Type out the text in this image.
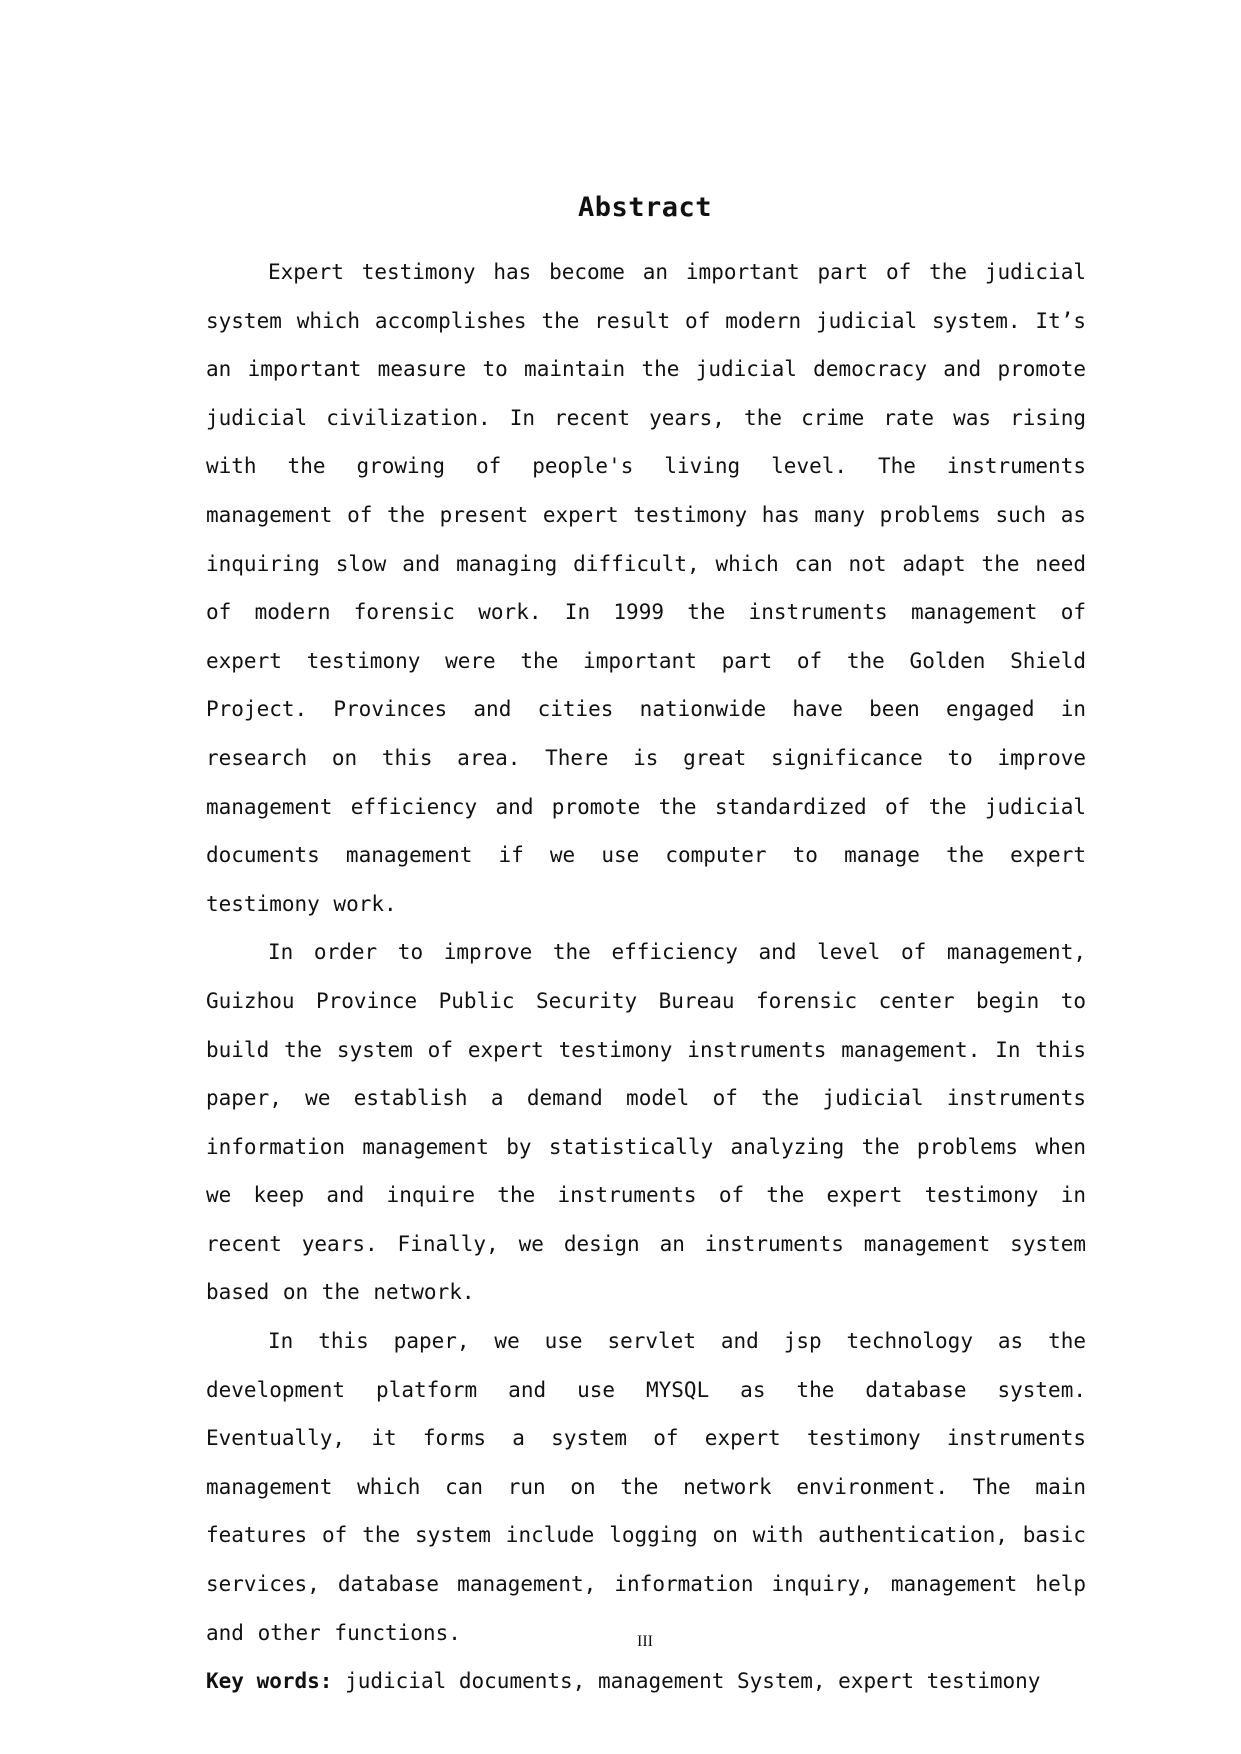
Abstract

Expert testimony has become an important part of the judicial system which accomplishes the result of modern judicial system. It’s an important measure to maintain the judicial democracy and promote judicial civilization. In recent years, the crime rate was rising with the growing of people's living level. The instruments management of the present expert testimony has many problems such as inquiring slow and managing difficult, which can not adapt the need of modern forensic work. In 1999 the instruments management of expert testimony were the important part of the Golden Shield Project. Provinces and cities nationwide have been engaged in research on this area. There is great significance to improve management efficiency and promote the standardized of the judicial documents management if we use computer to manage the expert testimony work.

In order to improve the efficiency and level of management, Guizhou Province Public Security Bureau forensic center begin to build the system of expert testimony instruments management. In this paper, we establish a demand model of the judicial instruments information management by statistically analyzing the problems when we keep and inquire the instruments of the expert testimony in recent years. Finally, we design an instruments management system based on the network.

In this paper, we use servlet and jsp technology as the development platform and use MYSQL as the database system. Eventually, it forms a system of expert testimony instruments management which can run on the network environment. The main features of the system include logging on with authentication, basic services, database management, information inquiry, management help and other functions.

Key words: judicial documents, management System, expert testimony

III
